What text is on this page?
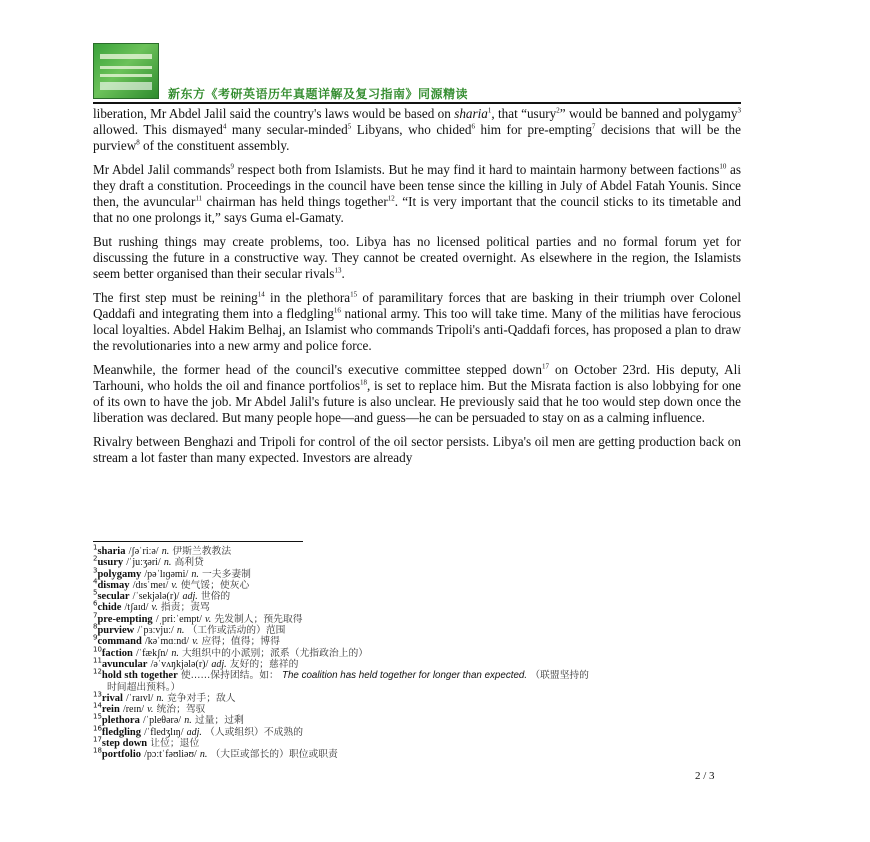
新东方《考研英语历年真题详解及复习指南》同源精读

liberation, Mr Abdel Jalil said the country's laws would be based on sharia$^1$, that “usury$^2$” would be banned and polygamy$^3$ allowed. This dismayed$^4$ many secular-minded$^5$ Libyans, who chided$^6$ him for pre-empting$^7$ decisions that will be the purview$^8$ of the constituent assembly.

Mr Abdel Jalil commands$^9$ respect both from Islamists. But he may find it hard to maintain harmony between factions$^{10}$ as they draft a constitution. Proceedings in the council have been tense since the killing in July of Abdel Fatah Younis. Since then, the avuncular$^{11}$ chairman has held things together$^{12}$. “It is very important that the council sticks to its timetable and that no one prolongs it,” says Guma el-Gamaty.

But rushing things may create problems, too. Libya has no licensed political parties and no formal forum yet for discussing the future in a constructive way. They cannot be created overnight. As elsewhere in the region, the Islamists seem better organised than their secular rivals$^{13}$.

The first step must be reining$^{14}$ in the plethora$^{15}$ of paramilitary forces that are basking in their triumph over Colonel Qaddafi and integrating them into a fledgling$^{16}$ national army. This too will take time. Many of the militias have ferocious local loyalties. Abdel Hakim Belhaj, an Islamist who commands Tripoli's anti-Qaddafi forces, has proposed a plan to draw the revolutionaries into a new army and police force.

Meanwhile, the former head of the council's executive committee stepped down$^{17}$ on October 23rd. His deputy, Ali Tarhouni, who holds the oil and finance portfolios$^{18}$, is set to replace him. But the Misrata faction is also lobbying for one of its own to have the job. Mr Abdel Jalil's future is also unclear. He previously said that he too would step down once the liberation was declared. But many people hope—and guess—he can be persuaded to stay on as a calming influence.

Rivalry between Benghazi and Tripoli for control of the oil sector persists. Libya's oil men are getting production back on stream a lot faster than many expected. Investors are already

$^1$sharia /ʃəˈriːə/ n. 伊斯兰教教法
$^2$usury /ˈjuːʒəri/ n. 高利贷
$^3$polygamy /pəˈlɪɡəmi/ n. 一夫多妻制
$^4$dismay /dɪsˈmeɪ/ v. 使气馁；使灰心
$^5$secular /ˈsekjələ(r)/ adj. 世俗的
$^6$chide /tʃaɪd/ v. 指责；责骂
$^7$pre-empting /ˌpriːˈempt/ v. 先发制人；预先取得
$^8$purview /ˈpɜːvjuː/ n. （工作或活动的）范围
$^9$command /kəˈmɑːnd/ v. 应得；值得；博得
$^{10}$faction /ˈfækʃn/ n. 大组织中的小派别；派系（尤指政治上的）
$^{11}$avuncular /əˈvʌŋkjələ(r)/ adj. 友好的；慈祥的
$^{12}$hold sth together 使……保持团结。如： The coalition has held together for longer than expected. （联盟坚持的
时间超出预料。）
$^{13}$rival /ˈraɪvl/ n. 竞争对手；敌人
$^{14}$rein /reɪn/ v. 统治；驾驭
$^{15}$plethora /ˈpleθərə/ n. 过量；过剩
$^{16}$fledgling /ˈfledʒlɪŋ/ adj. （人或组织）不成熟的
$^{17}$step down 让位；退位
$^{18}$portfolio /pɔːtˈfəʊliəʊ/ n. （大臣或部长的）职位或职责
2 / 3
